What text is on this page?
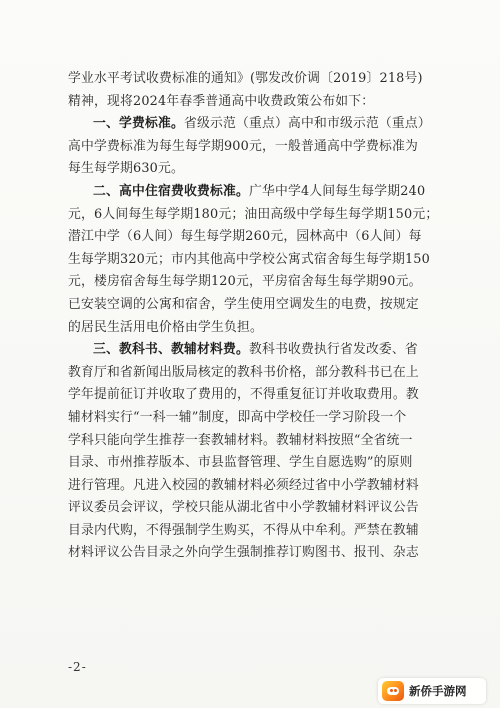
学业水平考试收费标准的通知》(鄂发改价调〔2019〕218号)
精神，现将2024年春季普通高中收费政策公布如下：
一、学费标准。省级示范（重点）高中和市级示范（重点）
高中学费标准为每生每学期900元，一般普通高中学费标准为
每生每学期630元。
二、高中住宿费收费标准。广华中学4人间每生每学期240
元，6人间每生每学期180元；油田高级中学每生每学期150元；
潜江中学（6人间）每生每学期260元，园林高中（6人间）每
生每学期320元；市内其他高中学校公寓式宿舍每生每学期150
元，楼房宿舍每生每学期120元，平房宿舍每生每学期90元。
已安装空调的公寓和宿舍，学生使用空调发生的电费，按规定
的居民生活用电价格由学生负担。
三、教科书、教辅材料费。教科书收费执行省发改委、省
教育厅和省新闻出版局核定的教科书价格，部分教科书已在上
学年提前征订并收取了费用的，不得重复征订并收取费用。教
辅材料实行“一科一辅”制度，即高中学校任一学习阶段一个
学科只能向学生推荐一套教辅材料。教辅材料按照“全省统一
目录、市州推荐版本、市县监督管理、学生自愿选购”的原则
进行管理。凡进入校园的教辅材料必须经过省中小学教辅材料
评议委员会评议，学校只能从湖北省中小学教辅材料评议公告
目录内代购，不得强制学生购买，不得从中牟利。严禁在教辅
材料评议公告目录之外向学生强制推荐订购图书、报刊、杂志
-2-
新侨手游网
